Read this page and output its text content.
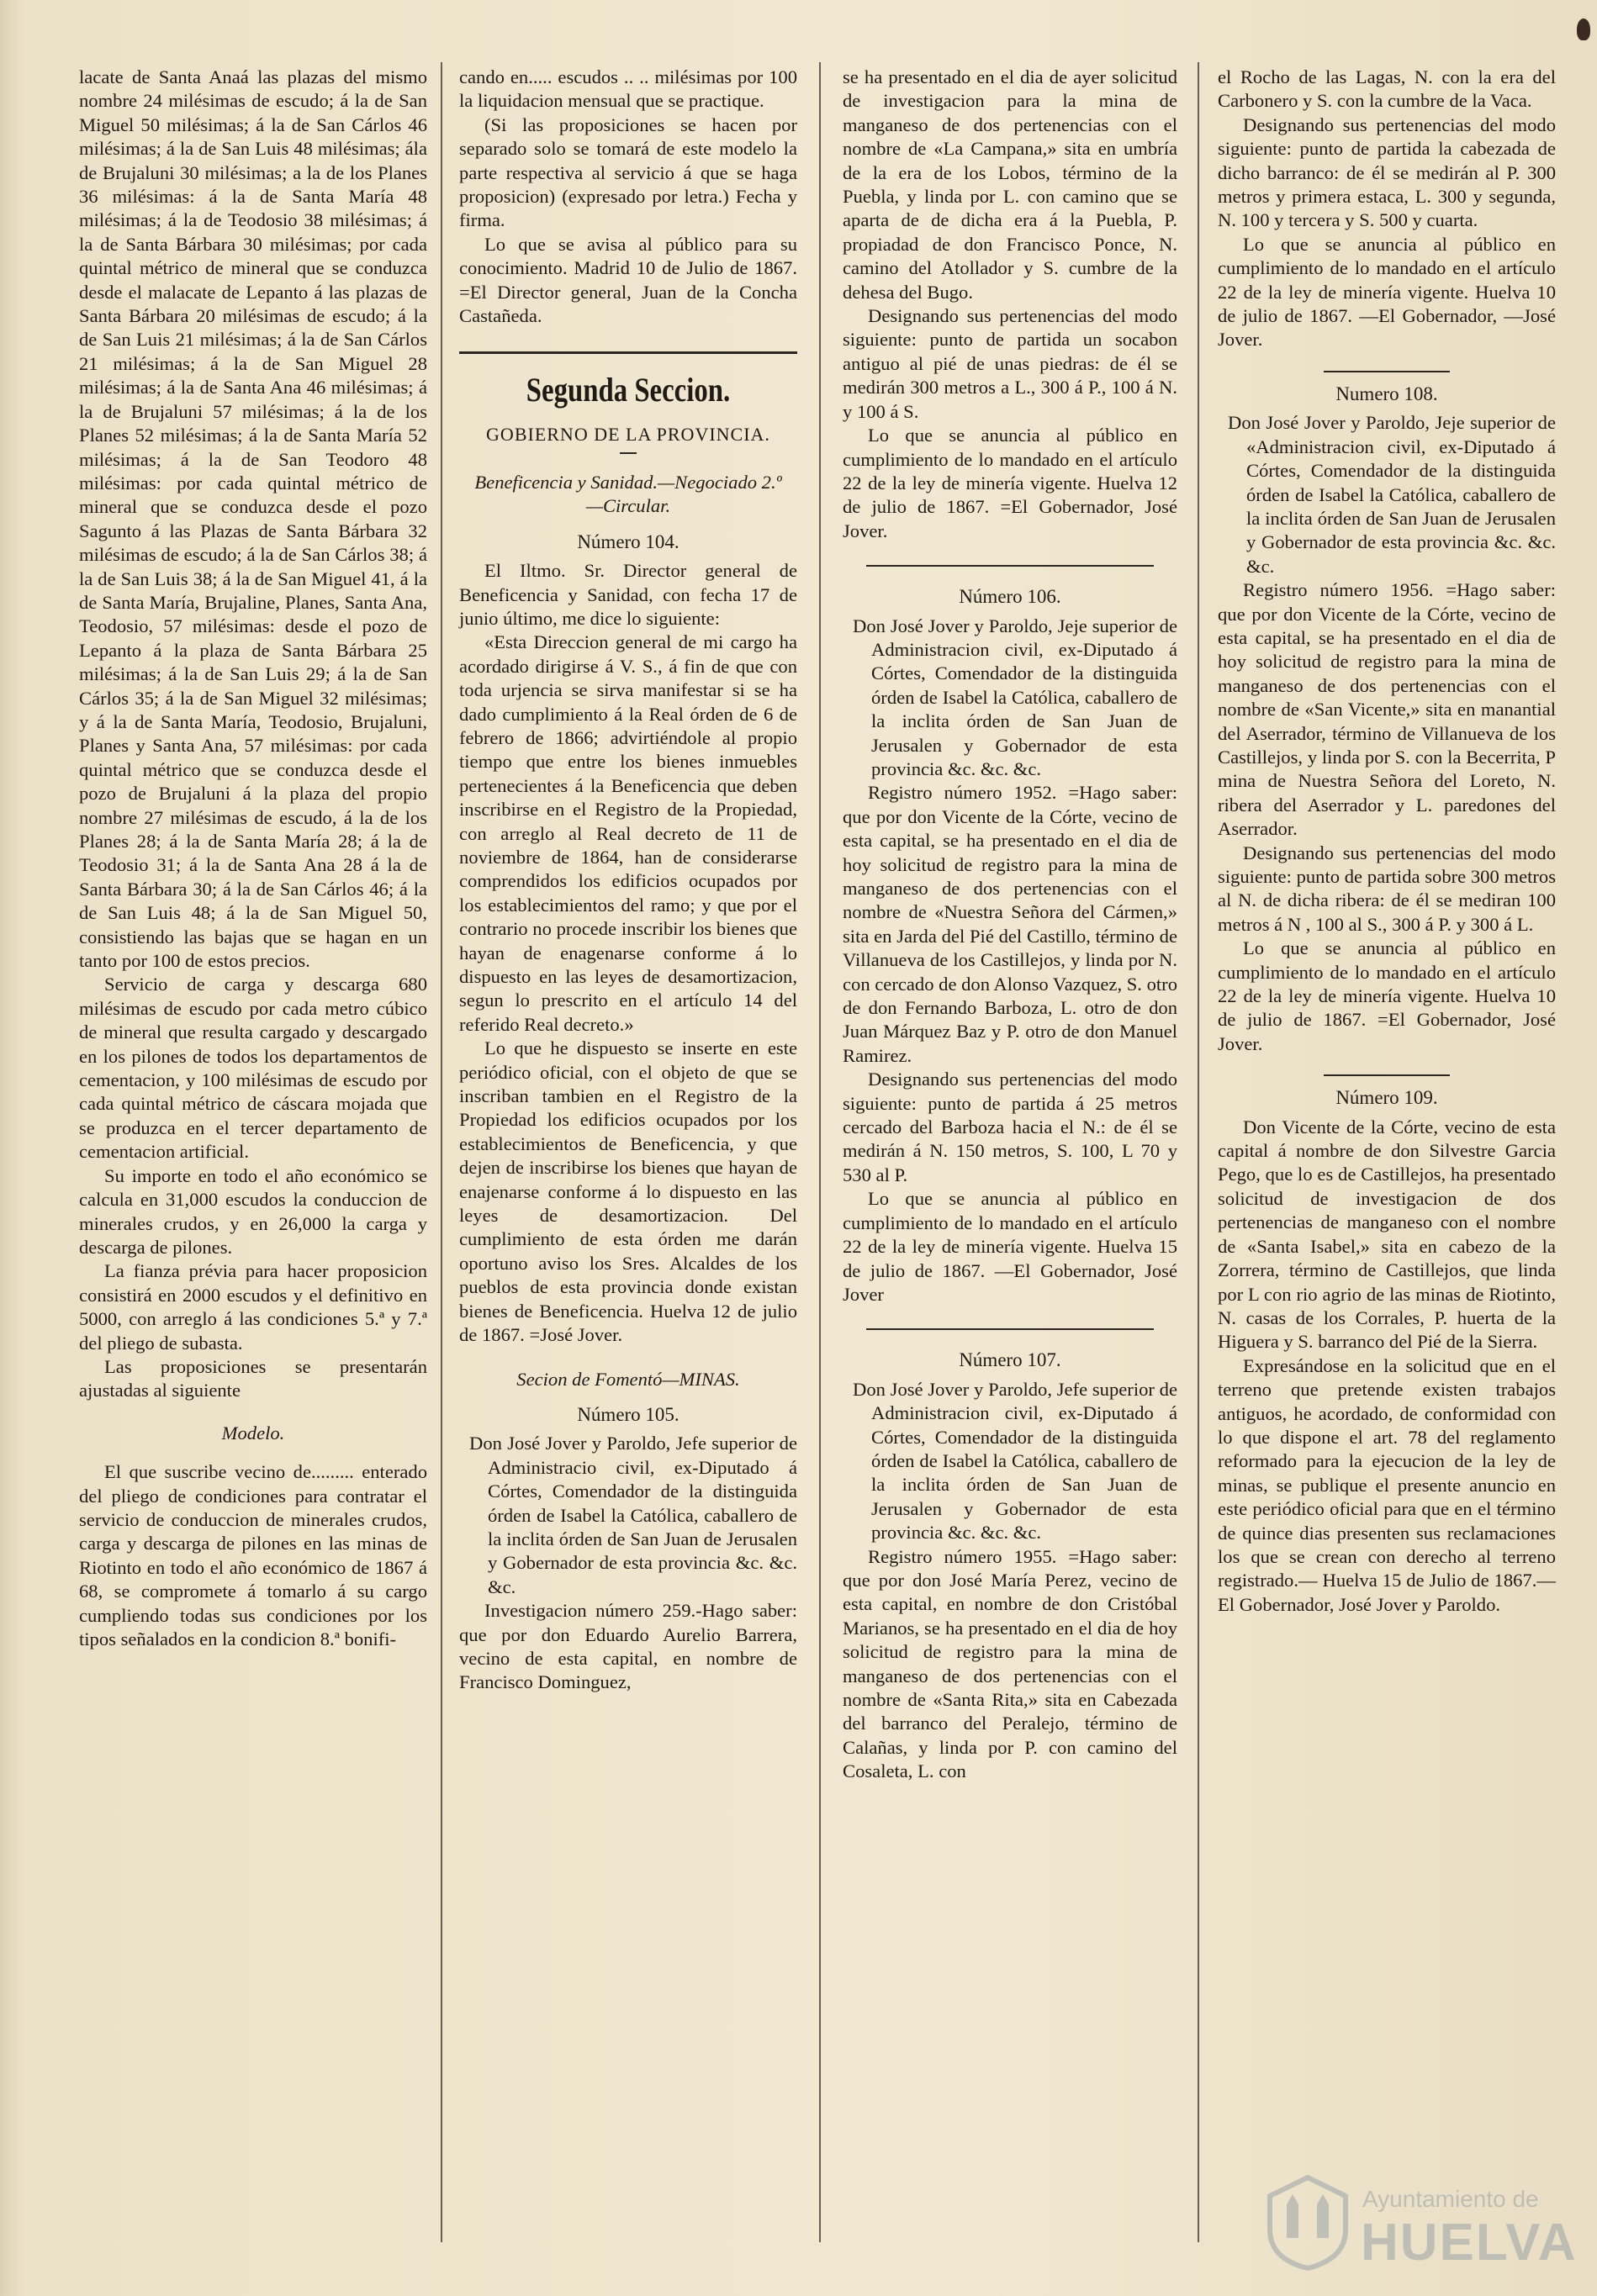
lacate de Santa Anaá las plazas del mismo nombre 24 milésimas de escudo; á la de San Miguel 50 milésimas; á la de San Cárlos 46 milésimas; á la de San Luis 48 milésimas; ála de Brujaluni 30 milésimas; a la de los Planes 36 milésimas: á la de Santa María 48 milésimas; á la de Teodosio 38 milésimas; á la de Santa Bárbara 30 milésimas; por cada quintal métrico de mineral que se conduzca desde el malacate de Lepanto á las plazas de Santa Bárbara 20 milésimas de escudo; á la de San Luis 21 milésimas; á la de San Cárlos 21 milésimas; á la de San Miguel 28 milésimas; á la de Santa Ana 46 milésimas; á la de Brujaluni 57 milésimas; á la de los Planes 52 milésimas; á la de Santa María 52 milésimas; á la de San Teodoro 48 milésimas: por cada quintal métrico de mineral que se conduzca desde el pozo Sagunto á las Plazas de Santa Bárbara 32 milésimas de escudo; á la de San Cárlos 38; á la de San Luis 38; á la de San Miguel 41, á la de Santa María, Brujaline, Planes, Santa Ana, Teodosio, 57 milésimas: desde el pozo de Lepanto á la plaza de Santa Bárbara 25 milésimas; á la de San Luis 29; á la de San Cárlos 35; á la de San Miguel 32 milésimas; y á la de Santa María, Teodosio, Brujaluni, Planes y Santa Ana, 57 milésimas: por cada quintal métrico que se conduzca desde el pozo de Brujaluni á la plaza del propio nombre 27 milésimas de escudo, á la de los Planes 28; á la de Santa María 28; á la de Teodosio 31; á la de Santa Ana 28 á la de Santa Bárbara 30; á la de San Cárlos 46; á la de San Luis 48; á la de San Miguel 50, consistiendo las bajas que se hagan en un tanto por 100 de estos precios.

Servicio de carga y descarga 680 milésimas de escudo por cada metro cúbico de mineral que resulta cargado y descargado en los pilones de todos los departamentos de cementacion, y 100 milésimas de escudo por cada quintal métrico de cáscara mojada que se produzca en el tercer departamento de cementacion artificial.

Su importe en todo el año económico se calcula en 31,000 escudos la conduccion de minerales crudos, y en 26,000 la carga y descarga de pilones.

La fianza prévia para hacer proposicion consistirá en 2000 escudos y el definitivo en 5000, con arreglo á las condiciones 5.ª y 7.ª del pliego de subasta.

Las proposiciones se presentarán ajustadas al siguiente

Modelo.

El que suscribe vecino de......... enterado del pliego de condiciones para contratar el servicio de conduccion de minerales crudos, carga y descarga de pilones en las minas de Riotinto en todo el año económico de 1867 á 68, se compromete á tomarlo á su cargo cumpliendo todas sus condiciones por los tipos señalados en la condicion 8.ª bonifi-

cando en..... escudos .. .. milésimas por 100 la liquidacion mensual que se practique.

(Si las proposiciones se hacen por separado solo se tomará de este modelo la parte respectiva al servicio á que se haga proposicion) (expresado por letra.) Fecha y firma.

Lo que se avisa al público para su conocimiento. Madrid 10 de Julio de 1867. =El Director general, Juan de la Concha Castañeda.

Segunda Seccion.

GOBIERNO DE LA PROVINCIA.

Beneficencia y Sanidad.—Negociado 2.º—Circular.

Número 104.

El Iltmo. Sr. Director general de Beneficencia y Sanidad, con fecha 17 de junio último, me dice lo siguiente:

«Esta Direccion general de mi cargo ha acordado dirigirse á V. S., á fin de que con toda urjencia se sirva manifestar si se ha dado cumplimiento á la Real órden de 6 de febrero de 1866; advirtiéndole al propio tiempo que entre los bienes inmuebles pertenecientes á la Beneficencia que deben inscribirse en el Registro de la Propiedad, con arreglo al Real decreto de 11 de noviembre de 1864, han de considerarse comprendidos los edificios ocupados por los establecimientos del ramo; y que por el contrario no procede inscribir los bienes que hayan de enagenarse conforme á lo dispuesto en las leyes de desamortizacion, segun lo prescrito en el artículo 14 del referido Real decreto.»

Lo que he dispuesto se inserte en este periódico oficial, con el objeto de que se inscriban tambien en el Registro de la Propiedad los edificios ocupados por los establecimientos de Beneficencia, y que dejen de inscribirse los bienes que hayan de enajenarse conforme á lo dispuesto en las leyes de desamortizacion. Del cumplimiento de esta órden me darán oportuno aviso los Sres. Alcaldes de los pueblos de esta provincia donde existan bienes de Beneficencia. Huelva 12 de julio de 1867. =José Jover.

Secion de Fomentó—MINAS.

Número 105.

Don José Jover y Paroldo, Jefe superior de Administracio civil, ex-Diputado á Córtes, Comendador de la distinguida órden de Isabel la Católica, caballero de la inclita órden de San Juan de Jerusalen y Gobernador de esta provincia &c. &c. &c.

Investigacion número 259.-Hago saber: que por don Eduardo Aurelio Barrera, vecino de esta capital, en nombre de Francisco Dominguez,

se ha presentado en el dia de ayer solicitud de investigacion para la mina de manganeso de dos pertenencias con el nombre de «La Campana,» sita en umbría de la era de los Lobos, término de la Puebla, y linda por L. con camino que se aparta de de dicha era á la Puebla, P. propiadad de don Francisco Ponce, N. camino del Atollador y S. cumbre de la dehesa del Bugo.

Designando sus pertenencias del modo siguiente: punto de partida un socabon antiguo al pié de unas piedras: de él se medirán 300 metros a L., 300 á P., 100 á N. y 100 á S.

Lo que se anuncia al público en cumplimiento de lo mandado en el artículo 22 de la ley de minería vigente. Huelva 12 de julio de 1867. =El Gobernador, José Jover.

Número 106.

Don José Jover y Paroldo, Jeje superior de Administracion civil, ex-Diputado á Córtes, Comendador de la distinguida órden de Isabel la Católica, caballero de la inclita órden de San Juan de Jerusalen y Gobernador de esta provincia &c. &c. &c.

Registro número 1952. =Hago saber: que por don Vicente de la Córte, vecino de esta capital, se ha presentado en el dia de hoy solicitud de registro para la mina de manganeso de dos pertenencias con el nombre de «Nuestra Señora del Cármen,» sita en Jarda del Pié del Castillo, término de Villanueva de los Castillejos, y linda por N. con cercado de don Alonso Vazquez, S. otro de don Fernando Barboza, L. otro de don Juan Márquez Baz y P. otro de don Manuel Ramirez.

Designando sus pertenencias del modo siguiente: punto de partida á 25 metros cercado del Barboza hacia el N.: de él se medirán á N. 150 metros, S. 100, L 70 y 530 al P.

Lo que se anuncia al público en cumplimiento de lo mandado en el artículo 22 de la ley de minería vigente. Huelva 15 de julio de 1867. —El Gobernador, José Jover

Número 107.

Don José Jover y Paroldo, Jefe superior de Administracion civil, ex-Diputado á Córtes, Comendador de la distinguida órden de Isabel la Católica, caballero de la inclita órden de San Juan de Jerusalen y Gobernador de esta provincia &c. &c. &c.

Registro número 1955. =Hago saber: que por don José María Perez, vecino de esta capital, en nombre de don Cristóbal Marianos, se ha presentado en el dia de hoy solicitud de registro para la mina de manganeso de dos pertenencias con el nombre de «Santa Rita,» sita en Cabezada del barranco del Peralejo, término de Calañas, y linda por P. con camino del Cosaleta, L. con

el Rocho de las Lagas, N. con la era del Carbonero y S. con la cumbre de la Vaca.

Designando sus pertenencias del modo siguiente: punto de partida la cabezada de dicho barranco: de él se medirán al P. 300 metros y primera estaca, L. 300 y segunda, N. 100 y tercera y S. 500 y cuarta.

Lo que se anuncia al público en cumplimiento de lo mandado en el artículo 22 de la ley de minería vigente. Huelva 10 de julio de 1867. —El Gobernador, —José Jover.

Numero 108.

Don José Jover y Paroldo, Jeje superior de «Administracion civil, ex-Diputado á Córtes, Comendador de la distinguida órden de Isabel la Católica, caballero de la inclita órden de San Juan de Jerusalen y Gobernador de esta provincia &c. &c. &c.

Registro número 1956. =Hago saber: que por don Vicente de la Córte, vecino de esta capital, se ha presentado en el dia de hoy solicitud de registro para la mina de manganeso de dos pertenencias con el nombre de «San Vicente,» sita en manantial del Aserrador, término de Villanueva de los Castillejos, y linda por S. con la Becerrita, P mina de Nuestra Señora del Loreto, N. ribera del Aserrador y L. paredones del Aserrador.

Designando sus pertenencias del modo siguiente: punto de partida sobre 300 metros al N. de dicha ribera: de él se mediran 100 metros á N , 100 al S., 300 á P. y 300 á L.

Lo que se anuncia al público en cumplimiento de lo mandado en el artículo 22 de la ley de minería vigente. Huelva 10 de julio de 1867. =El Gobernador, José Jover.

Número 109.

Don Vicente de la Córte, vecino de esta capital á nombre de don Silvestre Garcia Pego, que lo es de Castillejos, ha presentado solicitud de investigacion de dos pertenencias de manganeso con el nombre de «Santa Isabel,» sita en cabezo de la Zorrera, término de Castillejos, que linda por L con rio agrio de las minas de Riotinto, N. casas de los Corrales, P. huerta de la Higuera y S. barranco del Pié de la Sierra.

Expresándose en la solicitud que en el terreno que pretende existen trabajos antiguos, he acordado, de conformidad con lo que dispone el art. 78 del reglamento reformado para la ejecucion de la ley de minas, se publique el presente anuncio en este periódico oficial para que en el término de quince dias presenten sus reclamaciones los que se crean con derecho al terreno registrado.— Huelva 15 de Julio de 1867.—El Gobernador, José Jover y Paroldo.

Ayuntamiento de
HUELVA
